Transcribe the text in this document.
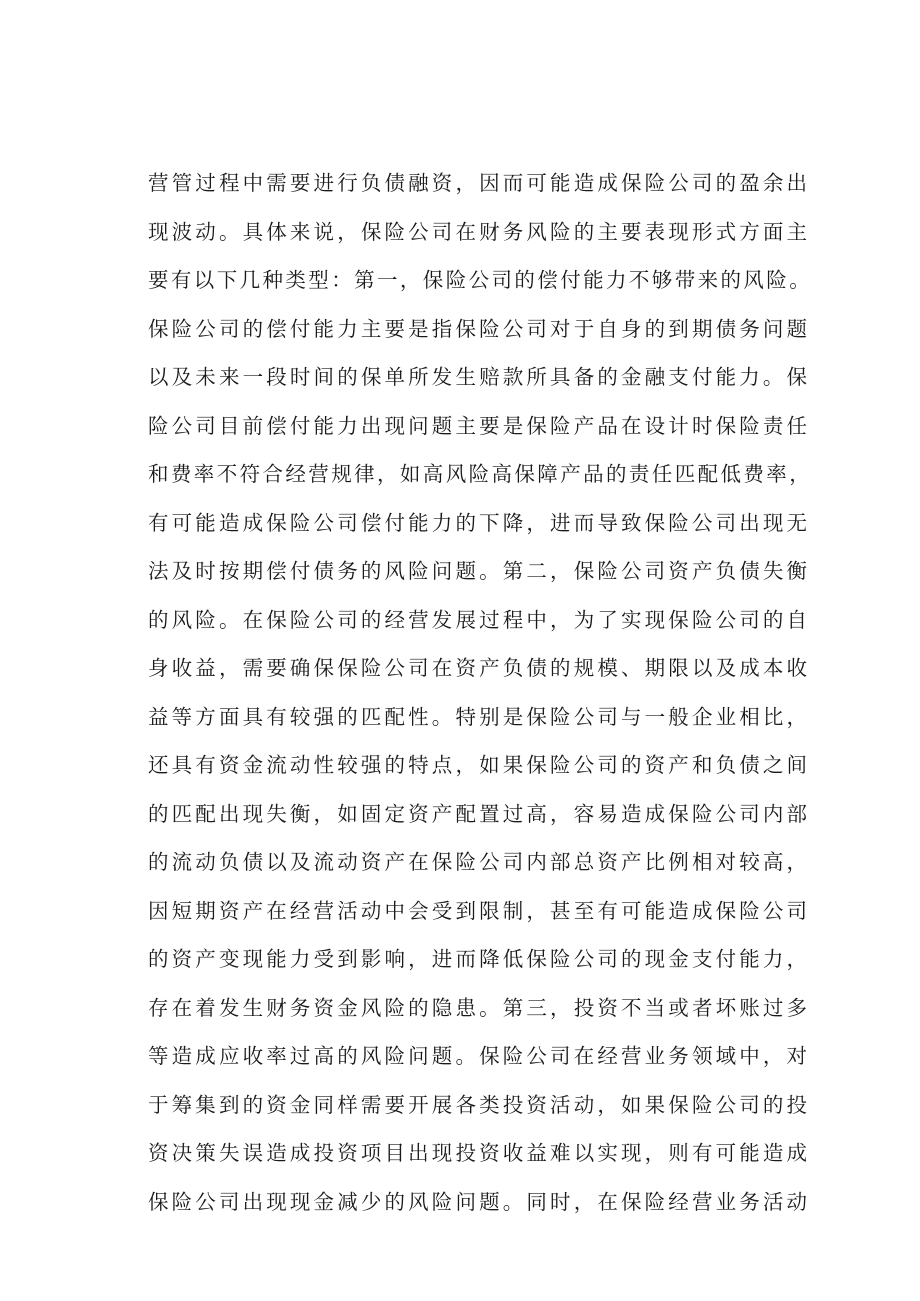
营管过程中需要进行负债融资，因而可能造成保险公司的盈余出
现波动。具体来说，保险公司在财务风险的主要表现形式方面主
要有以下几种类型：第一，保险公司的偿付能力不够带来的风险。
保险公司的偿付能力主要是指保险公司对于自身的到期债务问题
以及未来一段时间的保单所发生赔款所具备的金融支付能力。保
险公司目前偿付能力出现问题主要是保险产品在设计时保险责任
和费率不符合经营规律，如高风险高保障产品的责任匹配低费率，
有可能造成保险公司偿付能力的下降，进而导致保险公司出现无
法及时按期偿付债务的风险问题。第二，保险公司资产负债失衡
的风险。在保险公司的经营发展过程中，为了实现保险公司的自
身收益，需要确保保险公司在资产负债的规模、期限以及成本收
益等方面具有较强的匹配性。特别是保险公司与一般企业相比，
还具有资金流动性较强的特点，如果保险公司的资产和负债之间
的匹配出现失衡，如固定资产配置过高，容易造成保险公司内部
的流动负债以及流动资产在保险公司内部总资产比例相对较高，
因短期资产在经营活动中会受到限制，甚至有可能造成保险公司
的资产变现能力受到影响，进而降低保险公司的现金支付能力，
存在着发生财务资金风险的隐患。第三，投资不当或者坏账过多
等造成应收率过高的风险问题。保险公司在经营业务领域中，对
于筹集到的资金同样需要开展各类投资活动，如果保险公司的投
资决策失误造成投资项目出现投资收益难以实现，则有可能造成
保险公司出现现金减少的风险问题。同时，在保险经营业务活动
